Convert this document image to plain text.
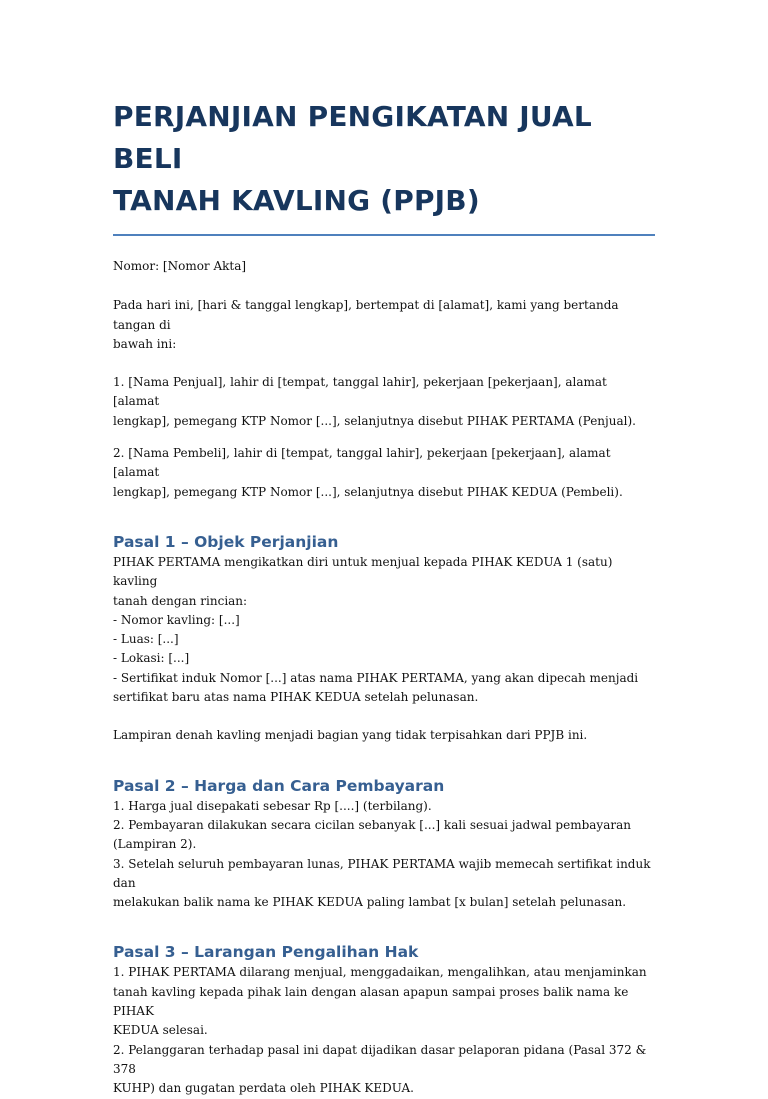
PERJANJIAN PENGIKATAN JUAL BELI
TANAH KAVLING (PPJB)

Nomor: [Nomor Akta]

Pada hari ini, [hari & tanggal lengkap], bertempat di [alamat], kami yang bertanda tangan di
bawah ini:

1. [Nama Penjual], lahir di [tempat, tanggal lahir], pekerjaan [pekerjaan], alamat [alamat
lengkap], pemegang KTP Nomor [...], selanjutnya disebut PIHAK PERTAMA (Penjual).

2. [Nama Pembeli], lahir di [tempat, tanggal lahir], pekerjaan [pekerjaan], alamat [alamat
lengkap], pemegang KTP Nomor [...], selanjutnya disebut PIHAK KEDUA (Pembeli).

Pasal 1 – Objek Perjanjian

PIHAK PERTAMA mengikatkan diri untuk menjual kepada PIHAK KEDUA 1 (satu) kavling
tanah dengan rincian:
- Nomor kavling: [...]
- Luas: [...]
- Lokasi: [...]
- Sertifikat induk Nomor [...] atas nama PIHAK PERTAMA, yang akan dipecah menjadi
sertifikat baru atas nama PIHAK KEDUA setelah pelunasan.

Lampiran denah kavling menjadi bagian yang tidak terpisahkan dari PPJB ini.

Pasal 2 – Harga dan Cara Pembayaran

1. Harga jual disepakati sebesar Rp [....] (terbilang).
2. Pembayaran dilakukan secara cicilan sebanyak [...] kali sesuai jadwal pembayaran
(Lampiran 2).
3. Setelah seluruh pembayaran lunas, PIHAK PERTAMA wajib memecah sertifikat induk dan
melakukan balik nama ke PIHAK KEDUA paling lambat [x bulan] setelah pelunasan.

Pasal 3 – Larangan Pengalihan Hak

1. PIHAK PERTAMA dilarang menjual, menggadaikan, mengalihkan, atau menjaminkan
tanah kavling kepada pihak lain dengan alasan apapun sampai proses balik nama ke PIHAK
KEDUA selesai.
2. Pelanggaran terhadap pasal ini dapat dijadikan dasar pelaporan pidana (Pasal 372 & 378
KUHP) dan gugatan perdata oleh PIHAK KEDUA.
